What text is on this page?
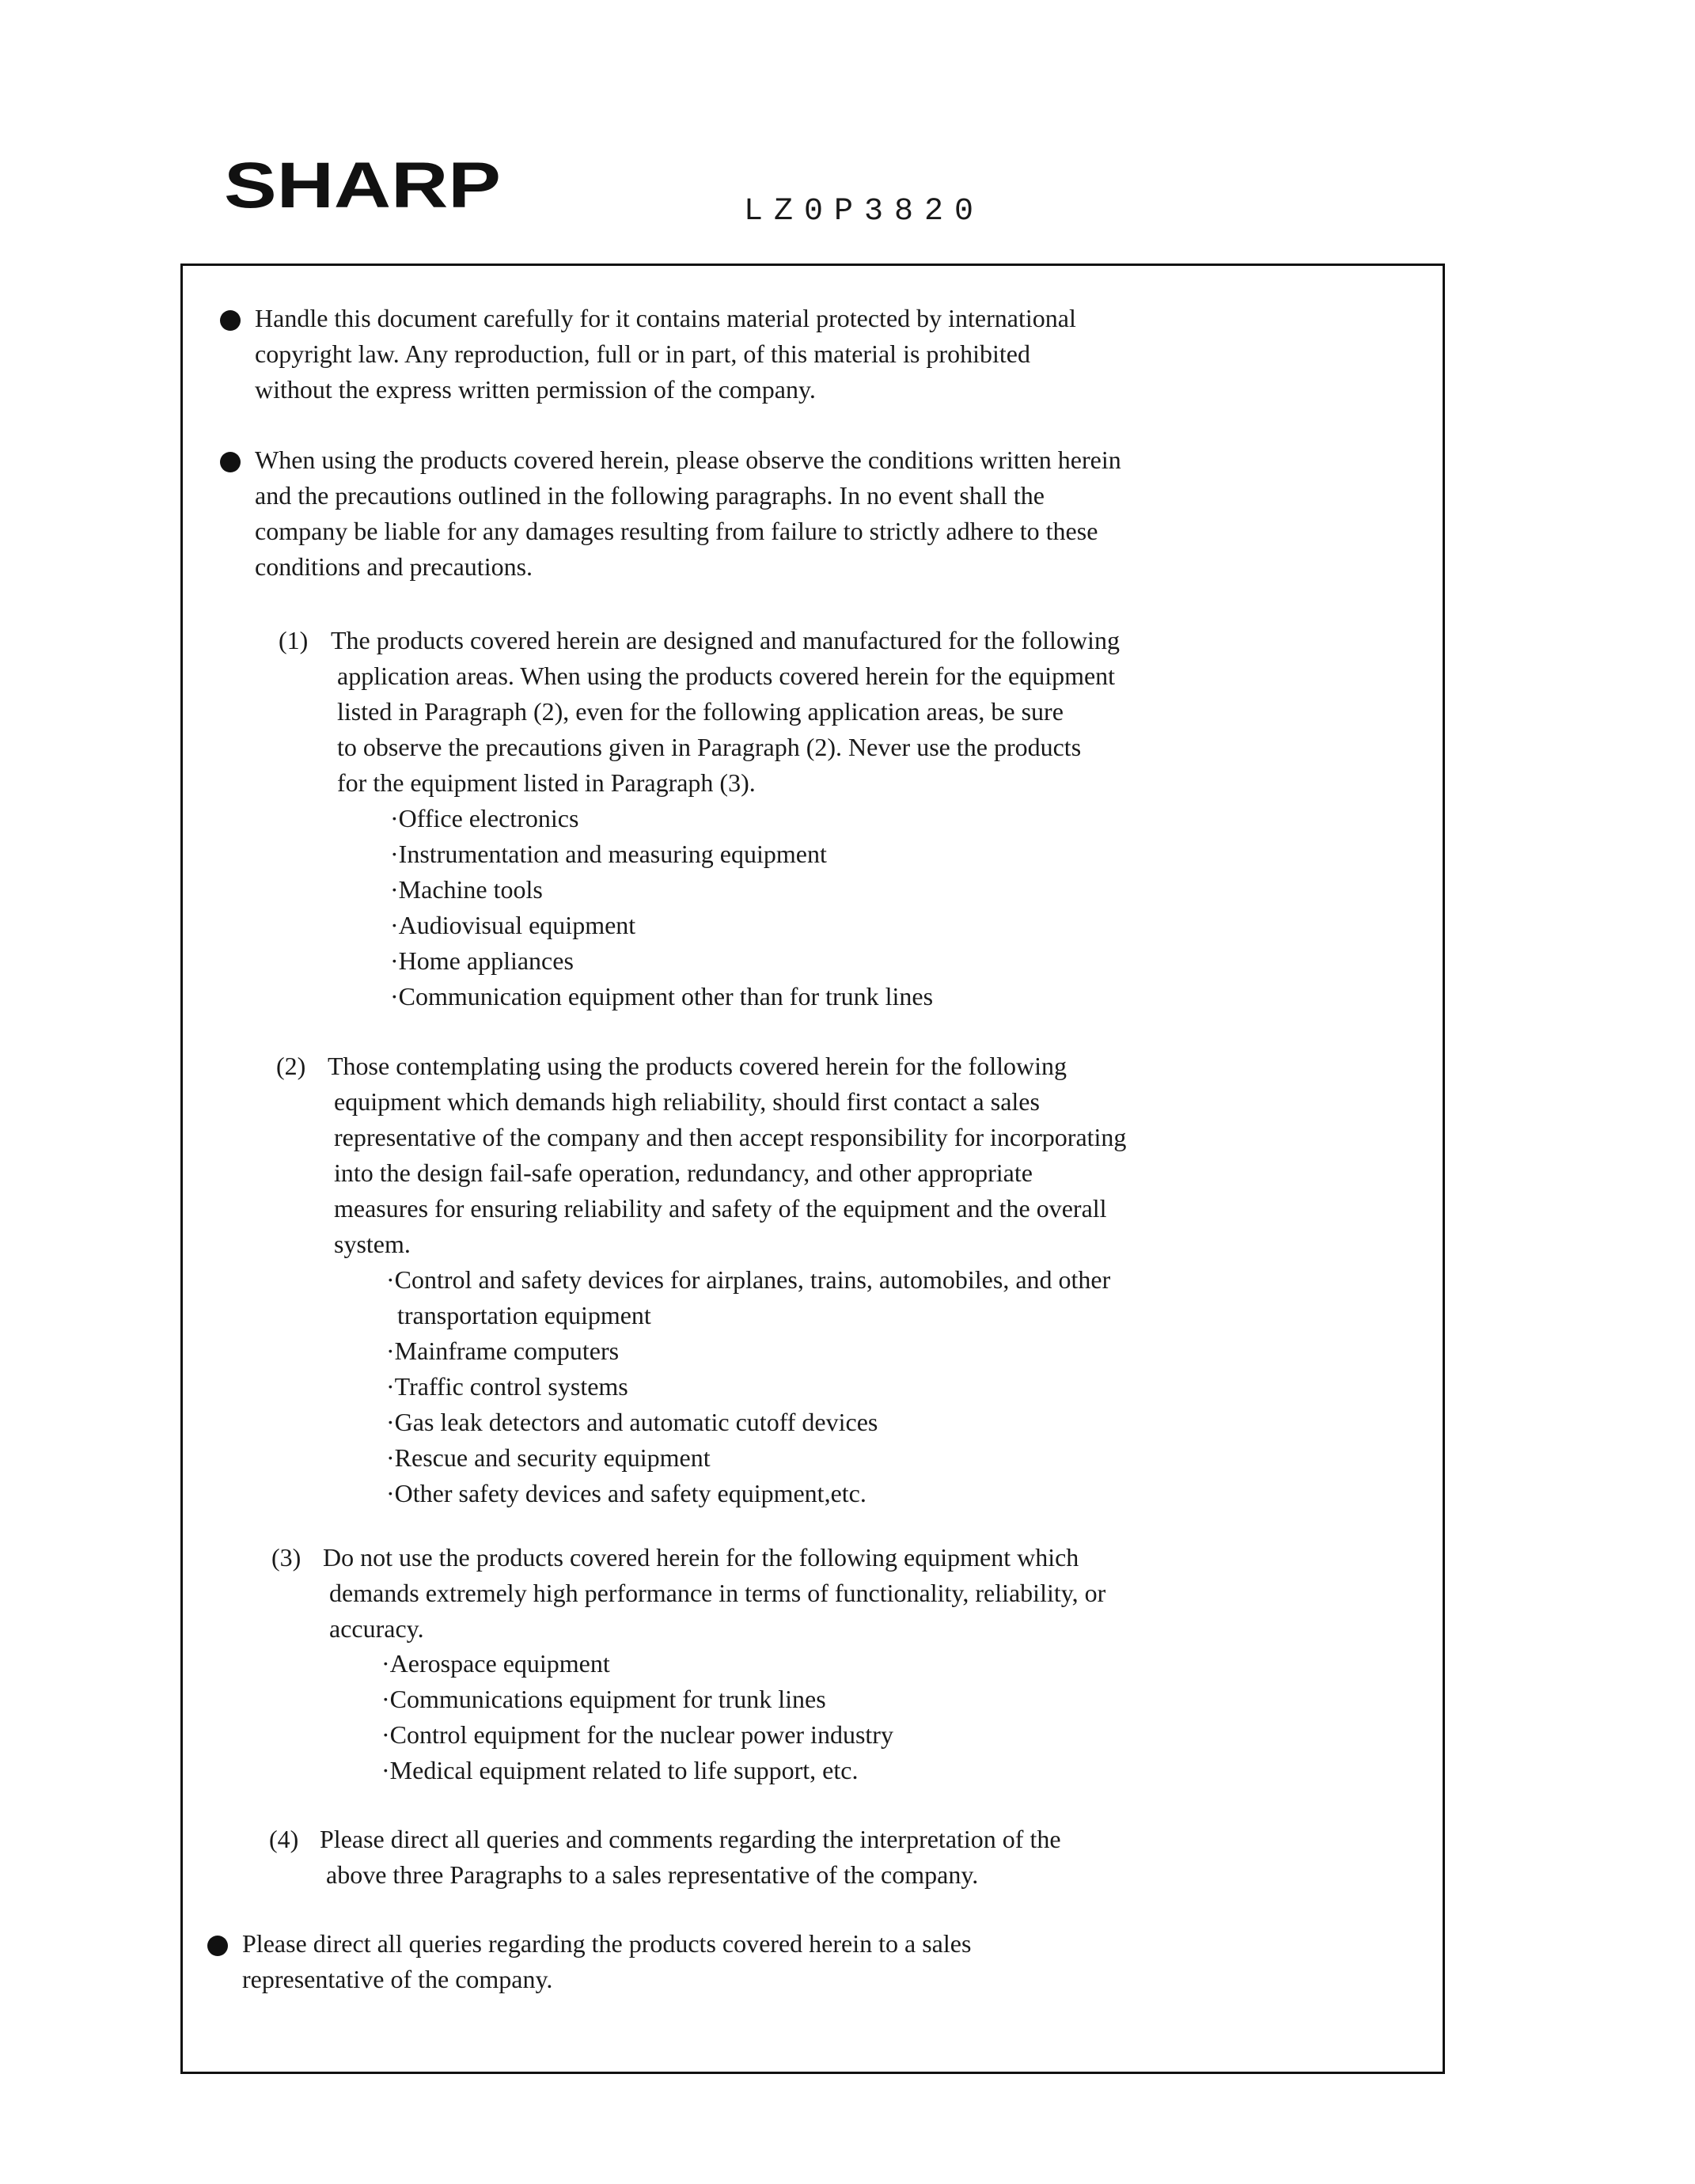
SHARP	LZ0P3820
Handle this document carefully for it contains material protected by international
copyright law. Any reproduction, full or in part, of this material is prohibited
without the express written permission of the company.
When using the products covered herein, please observe the conditions written herein
and the precautions outlined in the following paragraphs. In no event shall the
company be liable for any damages resulting from failure to strictly adhere to these
conditions and precautions.
(1) The products covered herein are designed and manufactured for the following
application areas. When using the products covered herein for the equipment
listed in Paragraph (2), even for the following application areas, be sure
to observe the precautions given in Paragraph (2). Never use the products
for the equipment listed in Paragraph (3).
·Office electronics
·Instrumentation and measuring equipment
·Machine tools
·Audiovisual equipment
·Home appliances
·Communication equipment other than for trunk lines
(2) Those contemplating using the products covered herein for the following
equipment which demands high reliability, should first contact a sales
representative of the company and then accept responsibility for incorporating
into the design fail-safe operation, redundancy, and other appropriate
measures for ensuring reliability and safety of the equipment and the overall
system.
·Control and safety devices for airplanes, trains, automobiles, and other
transportation equipment
·Mainframe computers
·Traffic control systems
·Gas leak detectors and automatic cutoff devices
·Rescue and security equipment
·Other safety devices and safety equipment,etc.
(3) Do not use the products covered herein for the following equipment which
demands extremely high performance in terms of functionality, reliability, or
accuracy.
·Aerospace equipment
·Communications equipment for trunk lines
·Control equipment for the nuclear power industry
·Medical equipment related to life support, etc.
(4) Please direct all queries and comments regarding the interpretation of the
above three Paragraphs to a sales representative of the company.
Please direct all queries regarding the products covered herein to a sales
representative of the company.
